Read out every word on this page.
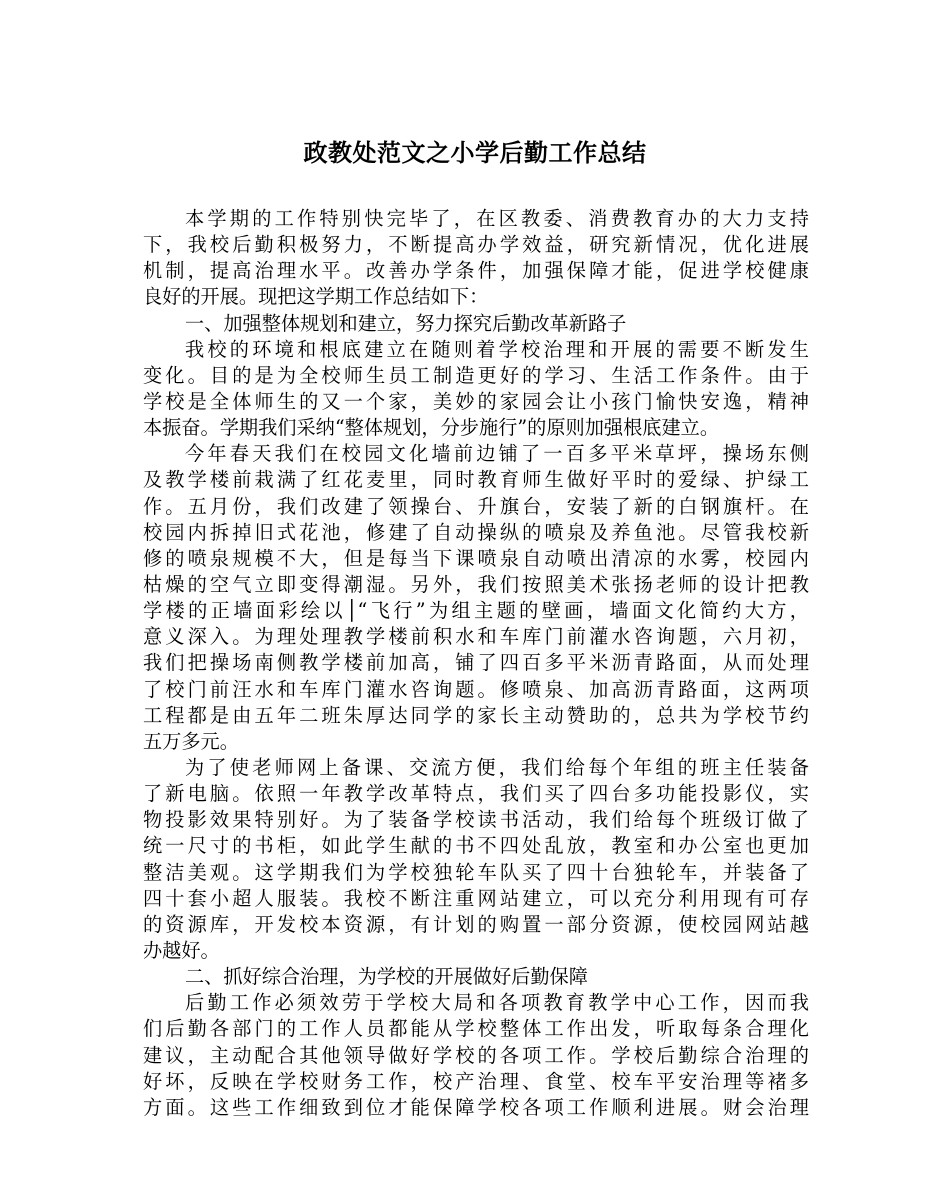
政教处范文之小学后勤工作总结
本学期的工作特别快完毕了，在区教委、消费教育办的大力支持
下，我校后勤积极努力，不断提高办学效益，研究新情况，优化进展
机制，提高治理水平。改善办学条件，加强保障才能，促进学校健康
良好的开展。现把这学期工作总结如下：
一、加强整体规划和建立，努力探究后勤改革新路子
我校的环境和根底建立在随则着学校治理和开展的需要不断发生
变化。目的是为全校师生员工制造更好的学习、生活工作条件。由于
学校是全体师生的又一个家，美妙的家园会让小孩门愉快安逸，精神
本振奋。学期我们采纳“整体规划，分步施行”的原则加强根底建立。
今年春天我们在校园文化墙前边铺了一百多平米草坪，操场东侧
及教学楼前栽满了红花麦里，同时教育师生做好平时的爱绿、护绿工
作。五月份，我们改建了领操台、升旗台，安装了新的白钢旗杆。在
校园内拆掉旧式花池，修建了自动操纵的喷泉及养鱼池。尽管我校新
修的喷泉规模不大，但是每当下课喷泉自动喷出清凉的水雾，校园内
枯燥的空气立即变得潮湿。另外，我们按照美术张扬老师的设计把教
学楼的正墙面彩绘以│“飞行”为组主题的壁画，墙面文化简约大方，
意义深入。为理处理教学楼前积水和车库门前灌水咨询题，六月初，
我们把操场南侧教学楼前加高，铺了四百多平米沥青路面，从而处理
了校门前汪水和车库门灌水咨询题。修喷泉、加高沥青路面，这两项
工程都是由五年二班朱厚达同学的家长主动赞助的，总共为学校节约
五万多元。
为了使老师网上备课、交流方便，我们给每个年组的班主任装备
了新电脑。依照一年教学改革特点，我们买了四台多功能投影仪，实
物投影效果特别好。为了装备学校读书活动，我们给每个班级订做了
统一尺寸的书柜，如此学生献的书不四处乱放，教室和办公室也更加
整洁美观。这学期我们为学校独轮车队买了四十台独轮车，并装备了
四十套小超人服装。我校不断注重网站建立，可以充分利用现有可存
的资源库，开发校本资源，有计划的购置一部分资源，使校园网站越
办越好。
二、抓好综合治理，为学校的开展做好后勤保障
后勤工作必须效劳于学校大局和各项教育教学中心工作，因而我
们后勤各部门的工作人员都能从学校整体工作出发，听取每条合理化
建议，主动配合其他领导做好学校的各项工作。学校后勤综合治理的
好坏，反映在学校财务工作，校产治理、食堂、校车平安治理等褚多
方面。这些工作细致到位才能保障学校各项工作顺利进展。财会治理
